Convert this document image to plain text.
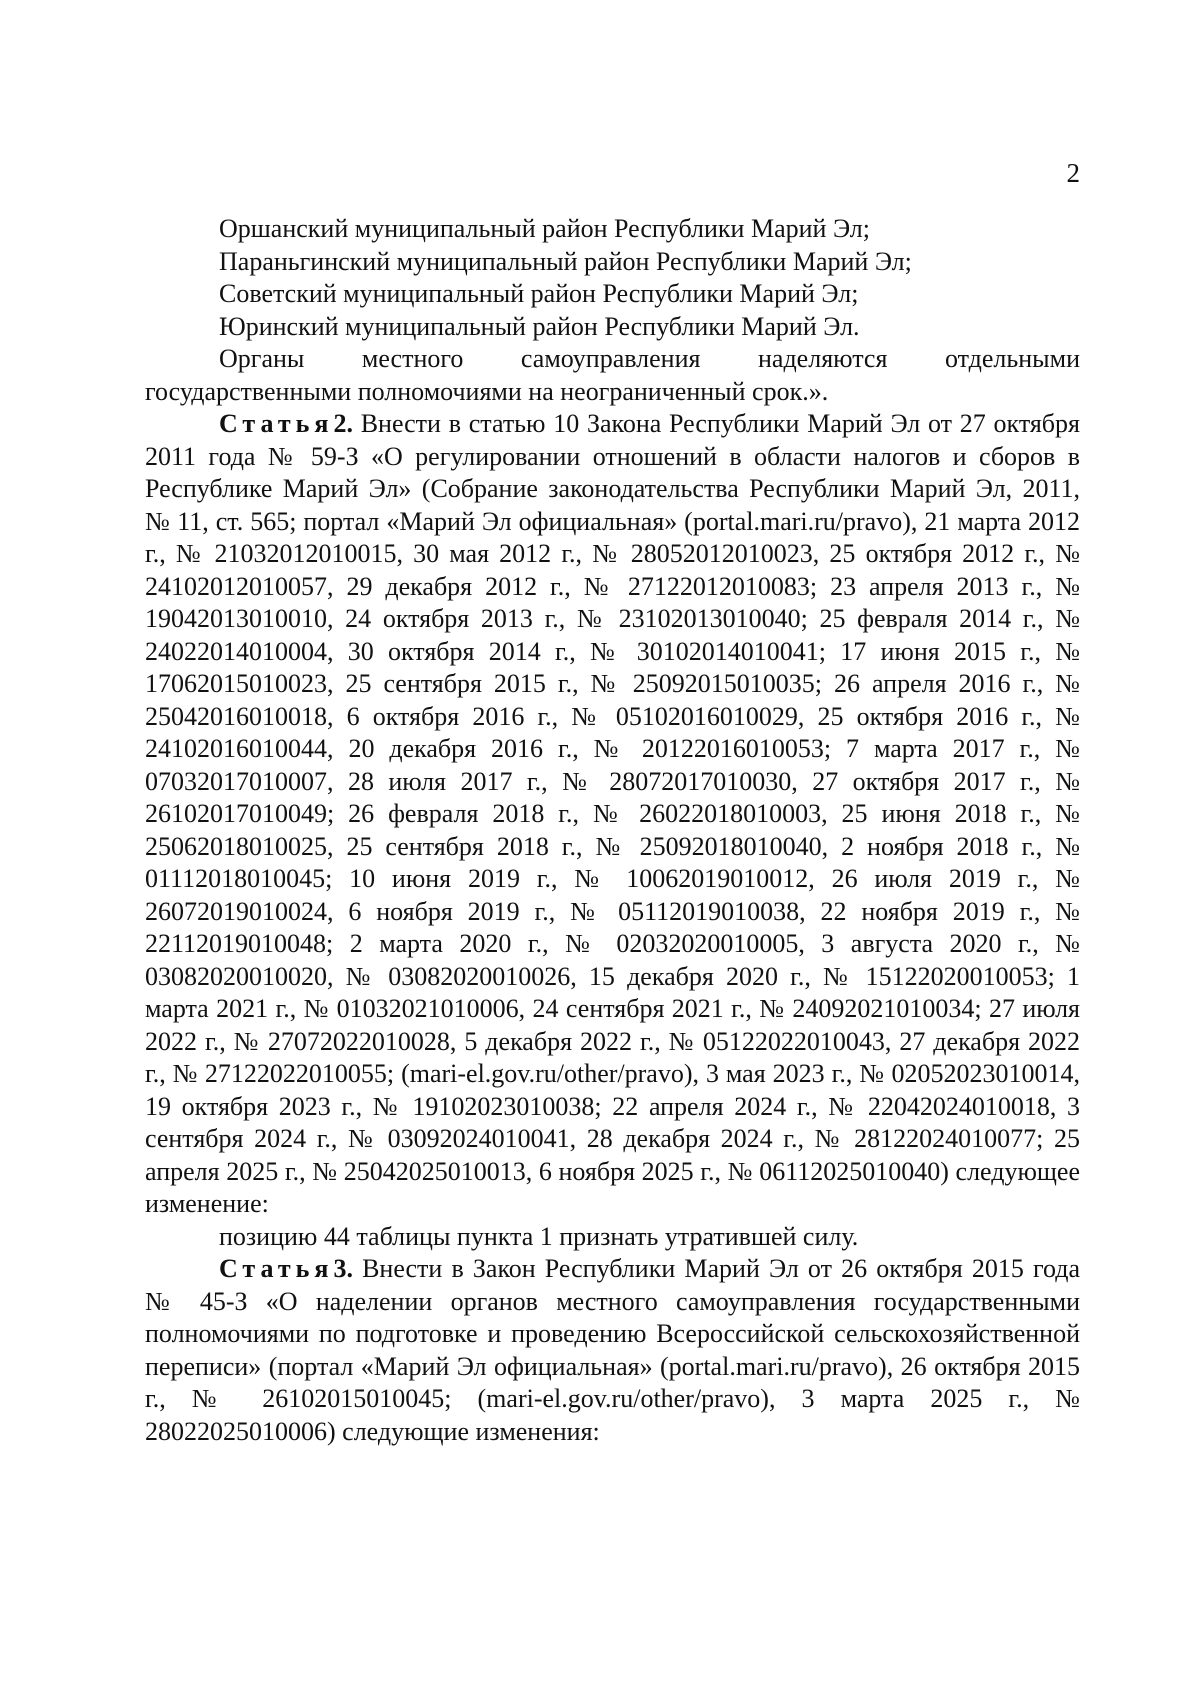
2

Оршанский муниципальный район Республики Марий Эл;

Параньгинский муниципальный район Республики Марий Эл;

Советский муниципальный район Республики Марий Эл;

Юринский муниципальный район Республики Марий Эл.

Органы местного самоуправления наделяются отдельными государственными полномочиями на неограниченный срок.».

Статья2. Внести в статью 10 Закона Республики Марий Эл от 27 октября 2011 года № 59-З «О регулировании отношений в области налогов и сборов в Республике Марий Эл» (Собрание законодательства Республики Марий Эл, 2011, № 11, ст. 565; портал «Марий Эл официальная» (portal.mari.ru/pravo), 21 марта 2012 г., № 21032012010015, 30 мая 2012 г., № 28052012010023, 25 октября 2012 г., № 24102012010057, 29 декабря 2012 г., № 27122012010083; 23 апреля 2013 г., № 19042013010010, 24 октября 2013 г., № 23102013010040; 25 февраля 2014 г., № 24022014010004, 30 октября 2014 г., № 30102014010041; 17 июня 2015 г., № 17062015010023, 25 сентября 2015 г., № 25092015010035; 26 апреля 2016 г., № 25042016010018, 6 октября 2016 г., № 05102016010029, 25 октября 2016 г., № 24102016010044, 20 декабря 2016 г., № 20122016010053; 7 марта 2017 г., № 07032017010007, 28 июля 2017 г., № 28072017010030, 27 октября 2017 г., № 26102017010049; 26 февраля 2018 г., № 26022018010003, 25 июня 2018 г., № 25062018010025, 25 сентября 2018 г., № 25092018010040, 2 ноября 2018 г., № 01112018010045; 10 июня 2019 г., № 10062019010012, 26 июля 2019 г., № 26072019010024, 6 ноября 2019 г., № 05112019010038, 22 ноября 2019 г., № 22112019010048; 2 марта 2020 г., № 02032020010005, 3 августа 2020 г., № 03082020010020, № 03082020010026, 15 декабря 2020 г., № 15122020010053; 1 марта 2021 г., № 01032021010006, 24 сентября 2021 г., № 24092021010034; 27 июля 2022 г., № 27072022010028, 5 декабря 2022 г., № 05122022010043, 27 декабря 2022 г., № 27122022010055; (mari-el.gov.ru/other/pravo), 3 мая 2023 г., № 02052023010014, 19 октября 2023 г., № 19102023010038; 22 апреля 2024 г., № 22042024010018, 3 сентября 2024 г., № 03092024010041, 28 декабря 2024 г., № 28122024010077; 25 апреля 2025 г., № 25042025010013, 6 ноября 2025 г., № 06112025010040) следующее изменение:

позицию 44 таблицы пункта 1 признать утратившей силу.

Статья3. Внести в Закон Республики Марий Эл от 26 октября 2015 года № 45-З «О наделении органов местного самоуправления государственными полномочиями по подготовке и проведению Всероссийской сельскохозяйственной переписи» (портал «Марий Эл официальная» (portal.mari.ru/pravo), 26 октября 2015 г., № 26102015010045; (mari-el.gov.ru/other/pravo), 3 марта 2025 г., № 28022025010006) следующие изменения:
